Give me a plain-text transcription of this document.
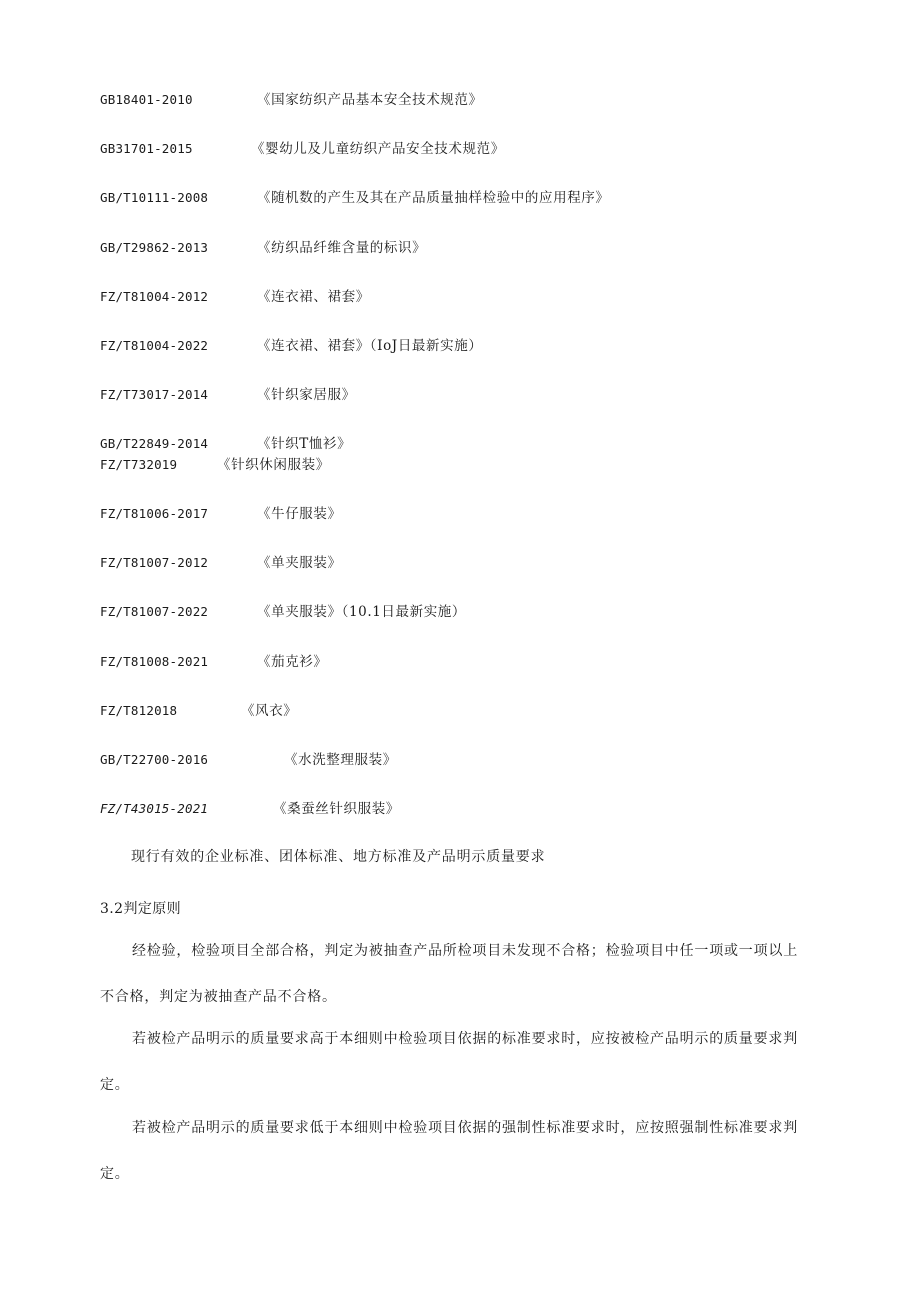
GB18401-2010	《国家纺织产品基本安全技术规范》
GB31701-2015	《婴幼儿及儿童纺织产品安全技术规范》
GB/T10111-2008	《随机数的产生及其在产品质量抽样检验中的应用程序》
GB/T29862-2013	《纺织品纤维含量的标识》
FZ/T81004-2012	《连衣裙、裙套》
FZ/T81004-2022	《连衣裙、裙套》（IoJ日最新实施）
FZ/T73017-2014	《针织家居服》
GB/T22849-2014	《针织T恤衫》
FZ/T732019	《针织休闲服装》
FZ/T81006-2017	《牛仔服装》
FZ/T81007-2012	《单夹服装》
FZ/T81007-2022	《单夹服装》（10.1日最新实施）
FZ/T81008-2021	《茄克衫》
FZ/T812018	《风衣》
GB/T22700-2016	《水洗整理服装》
FZ/T43015-2021	《桑蚕丝针织服装》
现行有效的企业标准、团体标准、地方标准及产品明示质量要求
3.2判定原则

经检验，检验项目全部合格，判定为被抽查产品所检项目未发现不合格；检验项目中任一项或一项以上不合格，判定为被抽查产品不合格。

若被检产品明示的质量要求高于本细则中检验项目依据的标准要求时，应按被检产品明示的质量要求判定。

若被检产品明示的质量要求低于本细则中检验项目依据的强制性标准要求时，应按照强制性标准要求判定。
